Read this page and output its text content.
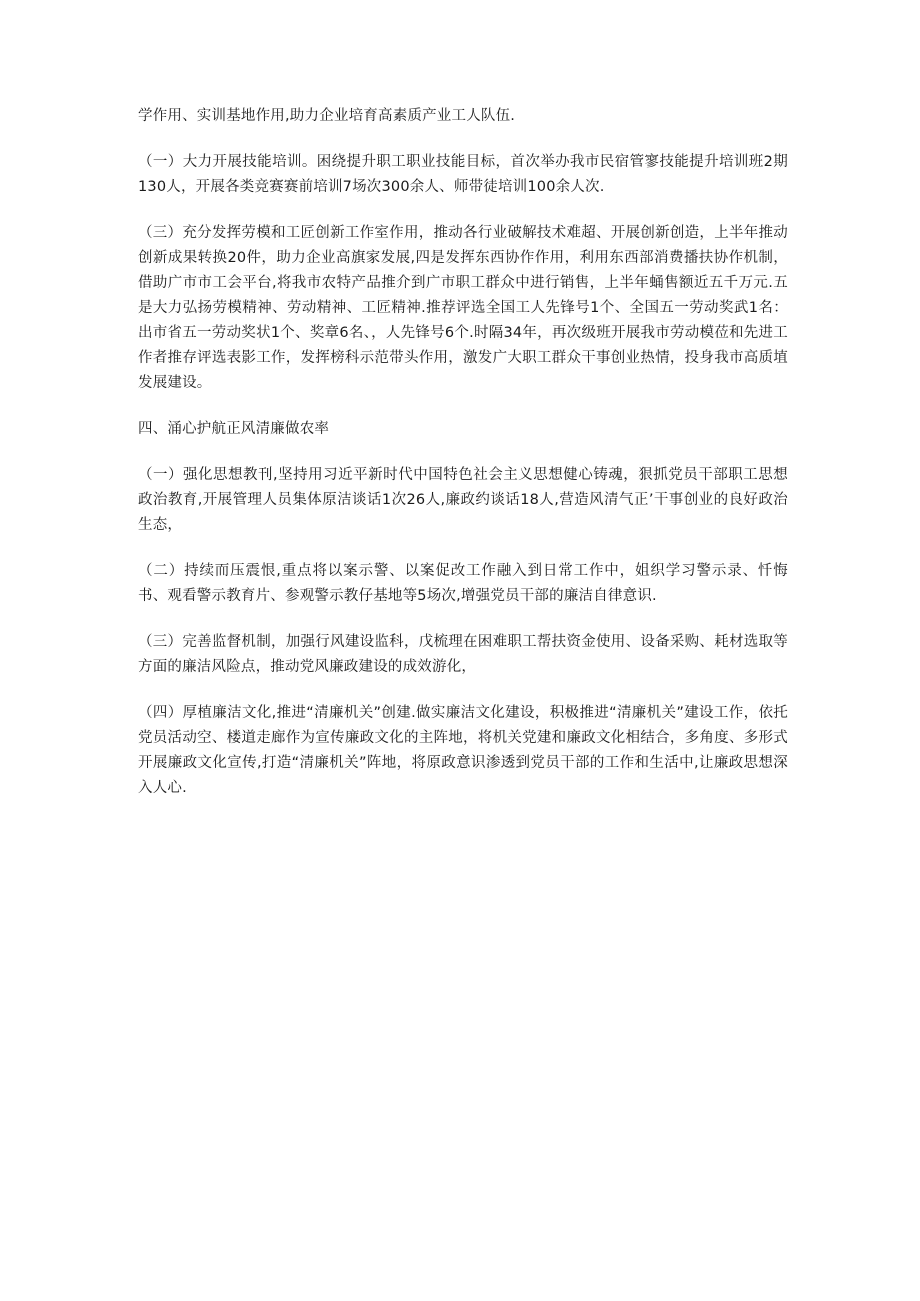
学作用、实训基地作用,助力企业培育高素质产业工人队伍.

（一）大力开展技能培训。困绕提升职工职业技能目标，首次举办我市民宿管寥技能提升培训班2期130人，开展各类竞赛赛前培训7场次300余人、师带徒培训100余人次.

（三）充分发挥劳模和工匠创新工作室作用，推动各行业破解技术难超、开展创新创造，上半年推动创新成果转换20件，助力企业高旗家发展,四是发挥东西协作作用，利用东西部消费播扶协作机制，借助广市市工会平台,将我市农特产品推介到广市职工群众中进行销售，上半年蛹售额近五千万元.五是大力弘扬劳模精神、劳动精神、工匠精神.推荐评选全国工人先锋号1个、全国五一劳动奖武1名：出市省五一劳动奖状1个、奖章6名、，人先锋号6个.时隔34年，再次级班开展我市劳动模莅和先进工作者推存评选表影工作，发挥榜科示范带头作用，激发广大职工群众干事创业热情，投身我市高质埴发展建设。

四、涌心护航正风清廉做农率

（一）强化思想教刊,坚持用习近平新时代中国特色社会主义思想健心铸魂，狠抓党员干部职工思想政治教育,开展管理人员集体原洁谈话1次26人,廉政约谈话18人,营造风清气正’干事创业的良好政治生态，

（二）持续而压震恨,重点将以案示警、以案促改工作融入到日常工作中，姐织学习警示录、忏悔书、观看警示教育片、参观警示教仔基地等5场次,增强党员干部的廉洁自律意识.

（三）完善监督机制，加强行风建设监科，戊梳理在困难职工帮扶资金使用、设备采购、耗材选取等方面的廉洁风险点，推动党风廉政建设的成效游化，

（四）厚植廉洁文化,推进“清廉机关”创建.做实廉洁文化建设，积极推进“清廉机关”建设工作，依托党员活动空、楼道走廊作为宣传廉政文化的主阵地，将机关党建和廉政文化相结合，多角度、多形式开展廉政文化宣传,打造“清廉机关”阵地，将原政意识渗透到党员干部的工作和生活中,让廉政思想深入人心.
